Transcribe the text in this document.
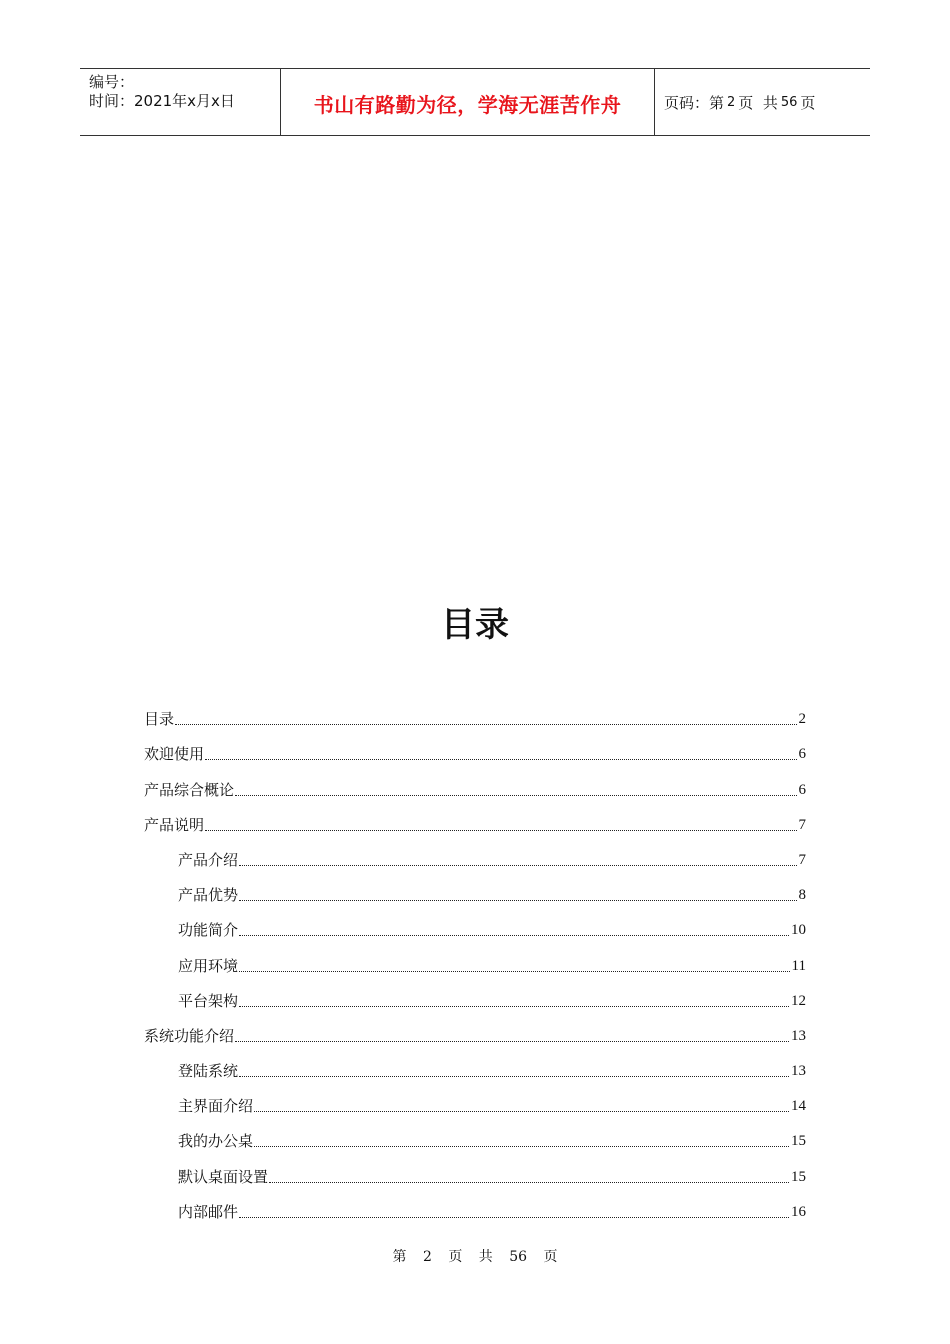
编号：
时间：2021年x月x日	书山有路勤为径，学海无涯苦作舟	页码：第 2 页  共 56 页
目录
目录	2
欢迎使用	6
产品综合概论	6
产品说明	7
产品介绍	7
产品优势	8
功能简介	10
应用环境	11
平台架构	12
系统功能介绍	13
登陆系统	13
主界面介绍	14
我的办公桌	15
默认桌面设置	15
内部邮件	16
第 2 页 共 56 页
